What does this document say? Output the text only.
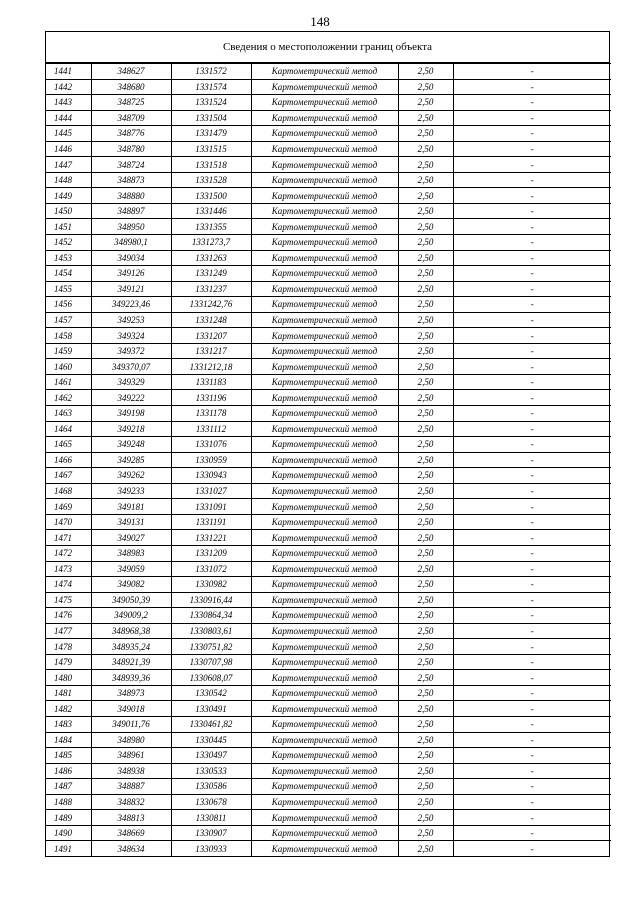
148
Сведения о местоположении границ объекта
1441	348627	1331572	Картометрический метод	2,50	-
1442	348680	1331574	Картометрический метод	2,50	-
1443	348725	1331524	Картометрический метод	2,50	-
1444	348709	1331504	Картометрический метод	2,50	-
1445	348776	1331479	Картометрический метод	2,50	-
1446	348780	1331515	Картометрический метод	2,50	-
1447	348724	1331518	Картометрический метод	2,50	-
1448	348873	1331528	Картометрический метод	2,50	-
1449	348880	1331500	Картометрический метод	2,50	-
1450	348897	1331446	Картометрический метод	2,50	-
1451	348950	1331355	Картометрический метод	2,50	-
1452	348980,1	1331273,7	Картометрический метод	2,50	-
1453	349034	1331263	Картометрический метод	2,50	-
1454	349126	1331249	Картометрический метод	2,50	-
1455	349121	1331237	Картометрический метод	2,50	-
1456	349223,46	1331242,76	Картометрический метод	2,50	-
1457	349253	1331248	Картометрический метод	2,50	-
1458	349324	1331207	Картометрический метод	2,50	-
1459	349372	1331217	Картометрический метод	2,50	-
1460	349370,07	1331212,18	Картометрический метод	2,50	-
1461	349329	1331183	Картометрический метод	2,50	-
1462	349222	1331196	Картометрический метод	2,50	-
1463	349198	1331178	Картометрический метод	2,50	-
1464	349218	1331112	Картометрический метод	2,50	-
1465	349248	1331076	Картометрический метод	2,50	-
1466	349285	1330959	Картометрический метод	2,50	-
1467	349262	1330943	Картометрический метод	2,50	-
1468	349233	1331027	Картометрический метод	2,50	-
1469	349181	1331091	Картометрический метод	2,50	-
1470	349131	1331191	Картометрический метод	2,50	-
1471	349027	1331221	Картометрический метод	2,50	-
1472	348983	1331209	Картометрический метод	2,50	-
1473	349059	1331072	Картометрический метод	2,50	-
1474	349082	1330982	Картометрический метод	2,50	-
1475	349050,39	1330916,44	Картометрический метод	2,50	-
1476	349009,2	1330864,34	Картометрический метод	2,50	-
1477	348968,38	1330803,61	Картометрический метод	2,50	-
1478	348935,24	1330751,82	Картометрический метод	2,50	-
1479	348921,39	1330707,98	Картометрический метод	2,50	-
1480	348939,36	1330608,07	Картометрический метод	2,50	-
1481	348973	1330542	Картометрический метод	2,50	-
1482	349018	1330491	Картометрический метод	2,50	-
1483	349011,76	1330461,82	Картометрический метод	2,50	-
1484	348980	1330445	Картометрический метод	2,50	-
1485	348961	1330497	Картометрический метод	2,50	-
1486	348938	1330533	Картометрический метод	2,50	-
1487	348887	1330586	Картометрический метод	2,50	-
1488	348832	1330678	Картометрический метод	2,50	-
1489	348813	1330811	Картометрический метод	2,50	-
1490	348669	1330907	Картометрический метод	2,50	-
1491	348634	1330933	Картометрический метод	2,50	-
